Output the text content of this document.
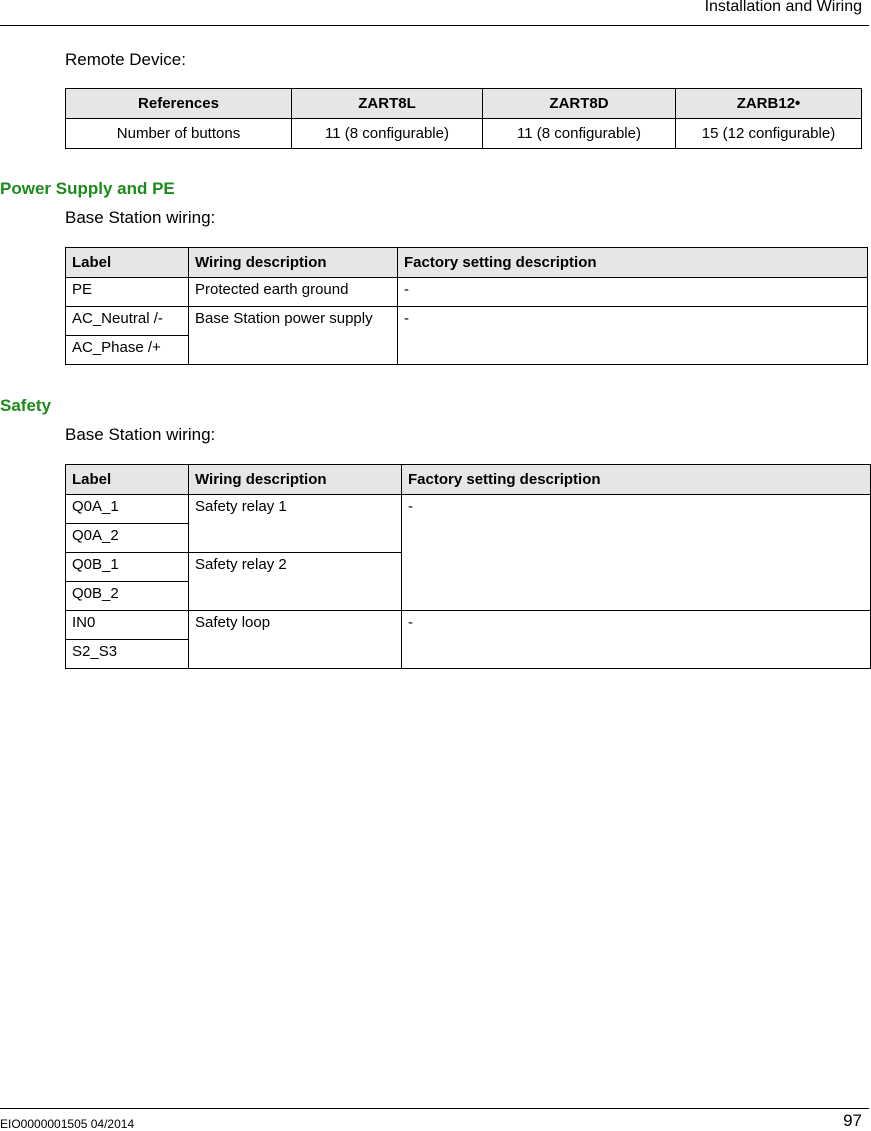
Installation and Wiring
Remote Device:
References	ZART8L	ZART8D	ZARB12•
Number of buttons	11 (8 configurable)	11 (8 configurable)	15 (12 configurable)
Power Supply and PE
Base Station wiring:
Label	Wiring description	Factory setting description
PE	Protected earth ground	-
AC_Neutral /-	Base Station power supply	-
AC_Phase /+		
Safety
Base Station wiring:
Label	Wiring description	Factory setting description
Q0A_1	Safety relay 1	-
Q0A_2		
Q0B_1	Safety relay 2	
Q0B_2		
IN0	Safety loop	-
S2_S3		
EIO0000001505 04/2014	97
